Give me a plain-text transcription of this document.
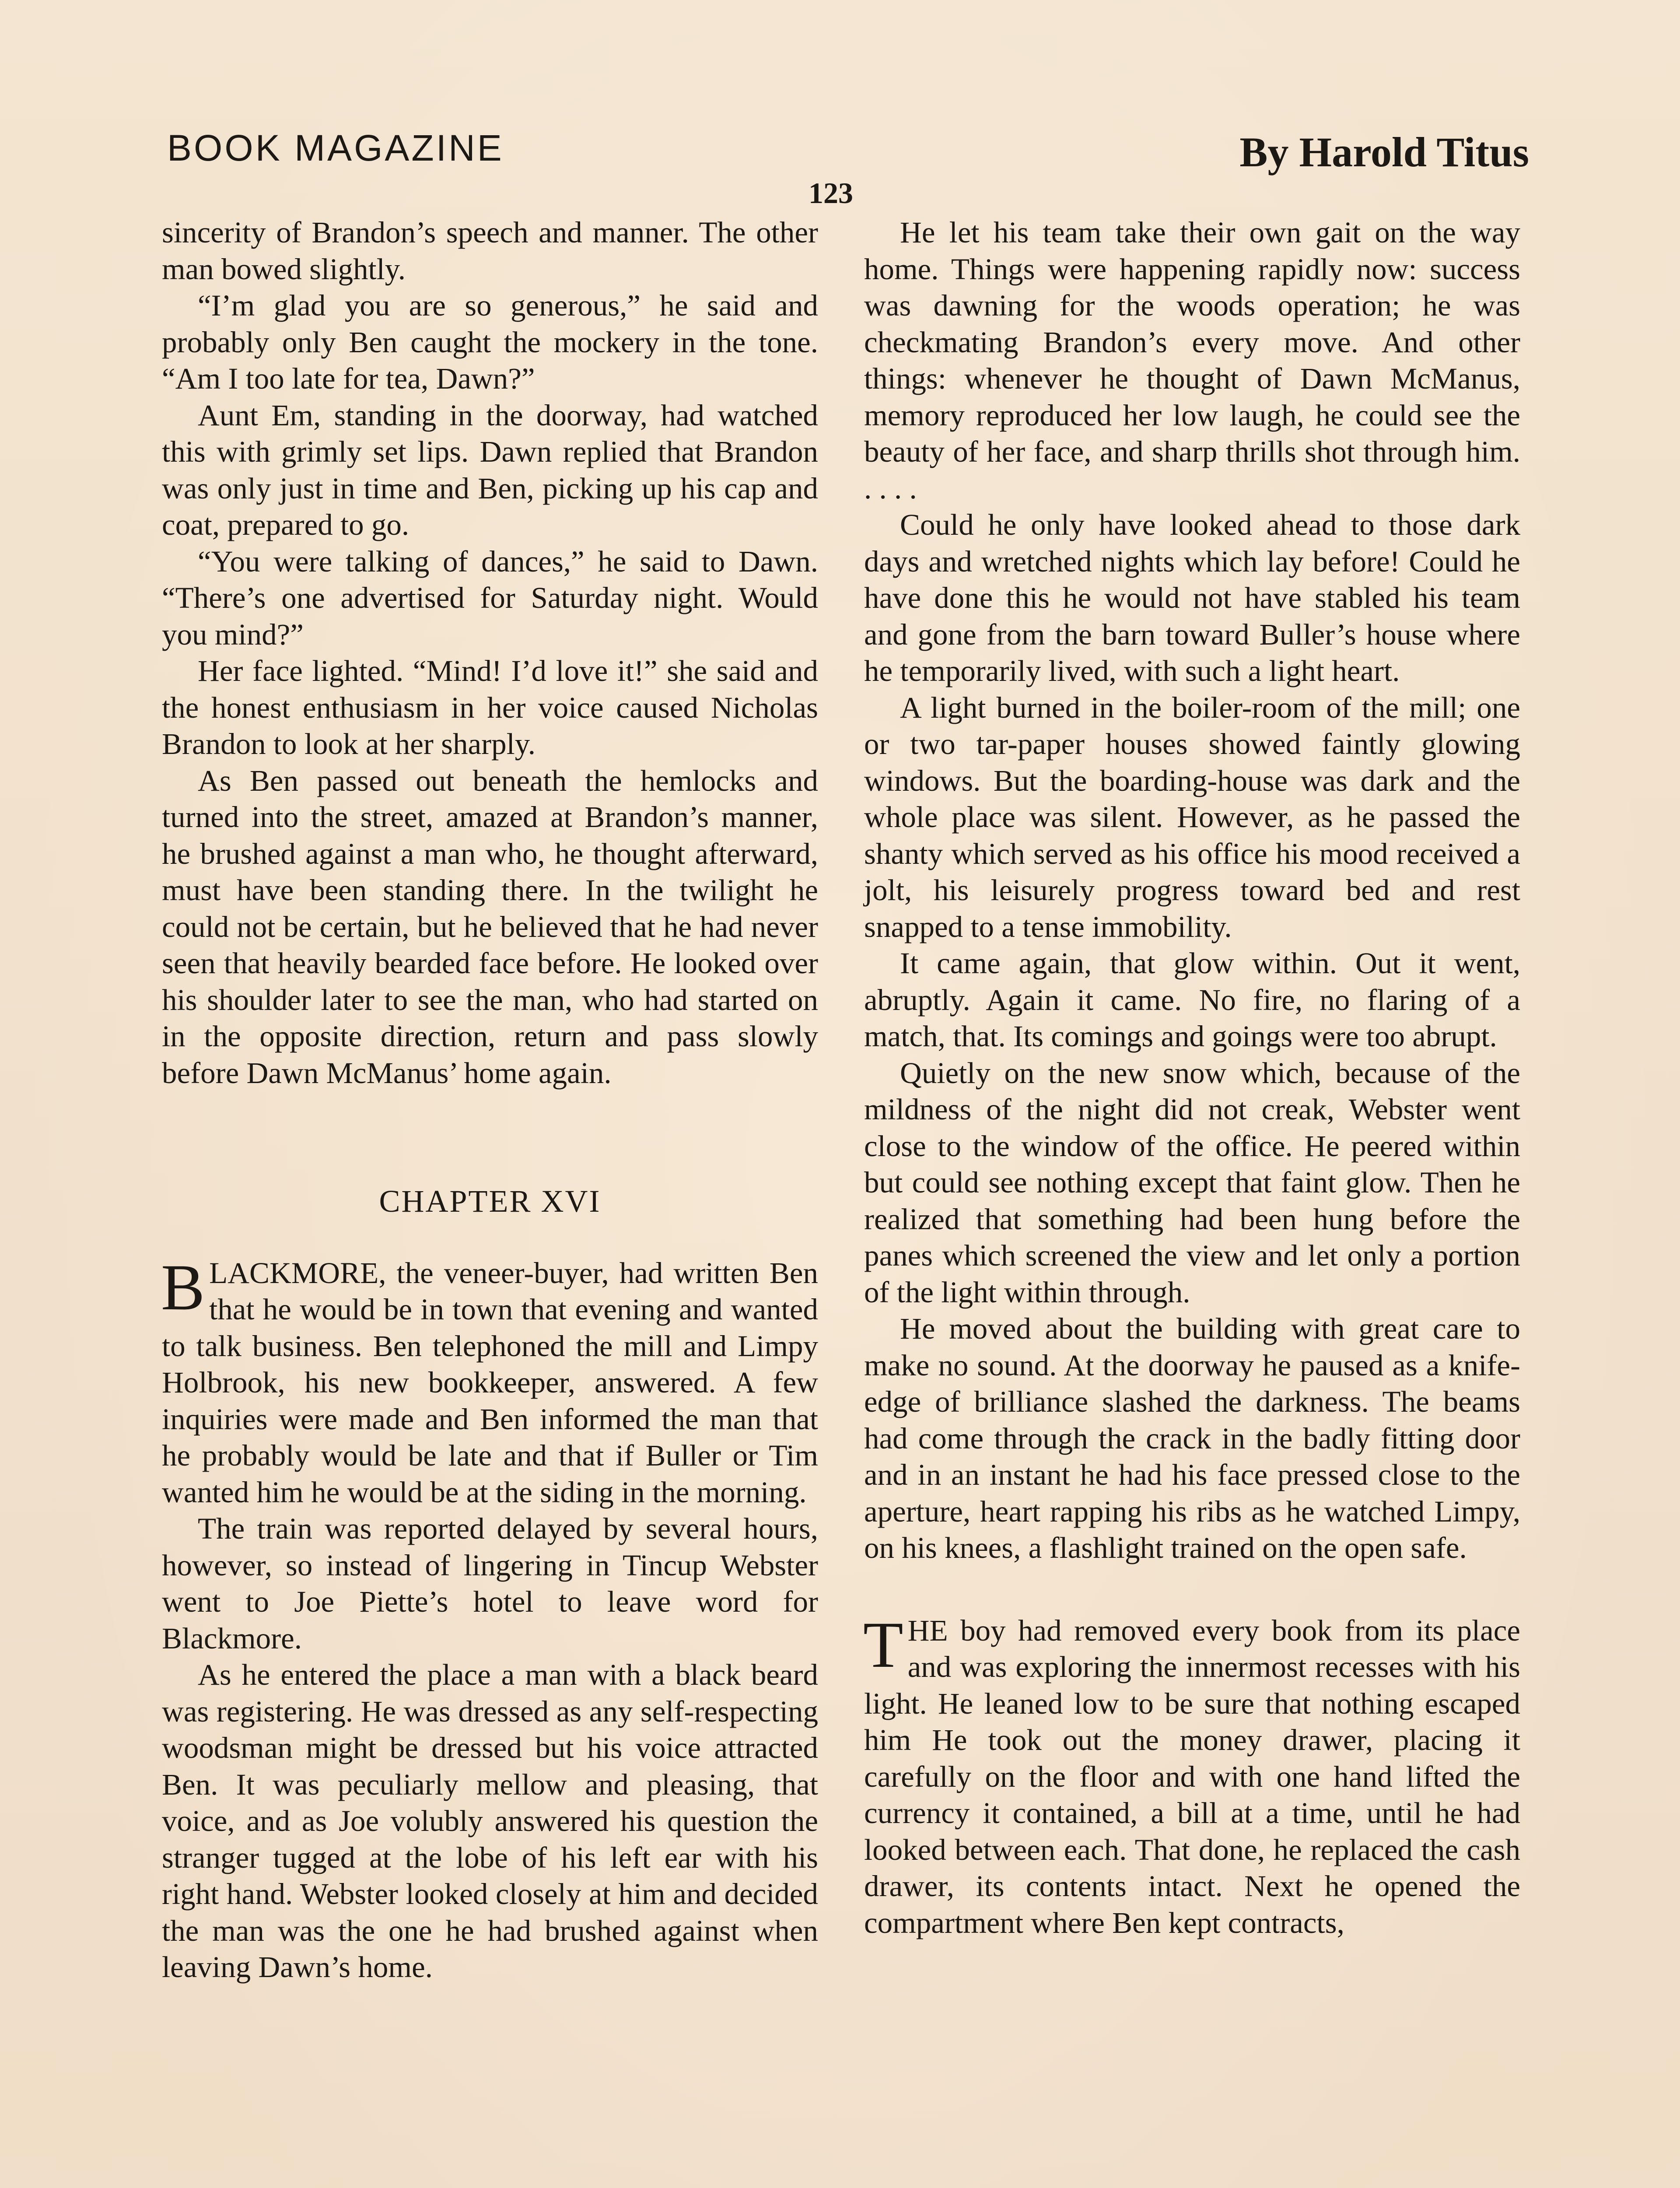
BOOK MAGAZINE	By Harold Titus
123

sincerity of Brandon’s speech and manner. The other man bowed slightly.

“I’m glad you are so generous,” he said and probably only Ben caught the mockery in the tone. “Am I too late for tea, Dawn?”

Aunt Em, standing in the doorway, had watched this with grimly set lips. Dawn replied that Brandon was only just in time and Ben, picking up his cap and coat, prepared to go.

“You were talking of dances,” he said to Dawn. “There’s one advertised for Saturday night. Would you mind?”

Her face lighted. “Mind! I’d love it!” she said and the honest enthusiasm in her voice caused Nicholas Brandon to look at her sharply.

As Ben passed out beneath the hemlocks and turned into the street, amazed at Brandon’s manner, he brushed against a man who, he thought afterward, must have been standing there. In the twilight he could not be certain, but he believed that he had never seen that heavily bearded face before. He looked over his shoulder later to see the man, who had started on in the opposite direction, return and pass slowly before Dawn McManus’ home again.

CHAPTER XVI

BLACKMORE, the veneer-buyer, had written Ben that he would be in town that evening and wanted to talk business. Ben telephoned the mill and Limpy Holbrook, his new bookkeeper, answered. A few inquiries were made and Ben informed the man that he probably would be late and that if Buller or Tim wanted him he would be at the siding in the morning.

The train was reported delayed by several hours, however, so instead of lingering in Tincup Webster went to Joe Piette’s hotel to leave word for Blackmore.

As he entered the place a man with a black beard was registering. He was dressed as any self-respecting woodsman might be dressed but his voice attracted Ben. It was peculiarly mellow and pleasing, that voice, and as Joe volubly answered his question the stranger tugged at the lobe of his left ear with his right hand. Webster looked closely at him and decided the man was the one he had brushed against when leaving Dawn’s home.

He let his team take their own gait on the way home. Things were happening rapidly now: success was dawning for the woods operation; he was checkmating Brandon’s every move. And other things: whenever he thought of Dawn McManus, memory reproduced her low laugh, he could see the beauty of her face, and sharp thrills shot through him. . . . .

Could he only have looked ahead to those dark days and wretched nights which lay before! Could he have done this he would not have stabled his team and gone from the barn toward Buller’s house where he temporarily lived, with such a light heart.

A light burned in the boiler-room of the mill; one or two tar-paper houses showed faintly glowing windows. But the boarding-house was dark and the whole place was silent. However, as he passed the shanty which served as his office his mood received a jolt, his leisurely progress toward bed and rest snapped to a tense immobility.

It came again, that glow within. Out it went, abruptly. Again it came. No fire, no flaring of a match, that. Its comings and goings were too abrupt.

Quietly on the new snow which, because of the mildness of the night did not creak, Webster went close to the window of the office. He peered within but could see nothing except that faint glow. Then he realized that something had been hung before the panes which screened the view and let only a portion of the light within through.

He moved about the building with great care to make no sound. At the doorway he paused as a knife-edge of brilliance slashed the darkness. The beams had come through the crack in the badly fitting door and in an instant he had his face pressed close to the aperture, heart rapping his ribs as he watched Limpy, on his knees, a flashlight trained on the open safe.

THE boy had removed every book from its place and was exploring the innermost recesses with his light. He leaned low to be sure that nothing escaped him He took out the money drawer, placing it carefully on the floor and with one hand lifted the currency it contained, a bill at a time, until he had looked between each. That done, he replaced the cash drawer, its contents intact. Next he opened the compartment where Ben kept contracts,
